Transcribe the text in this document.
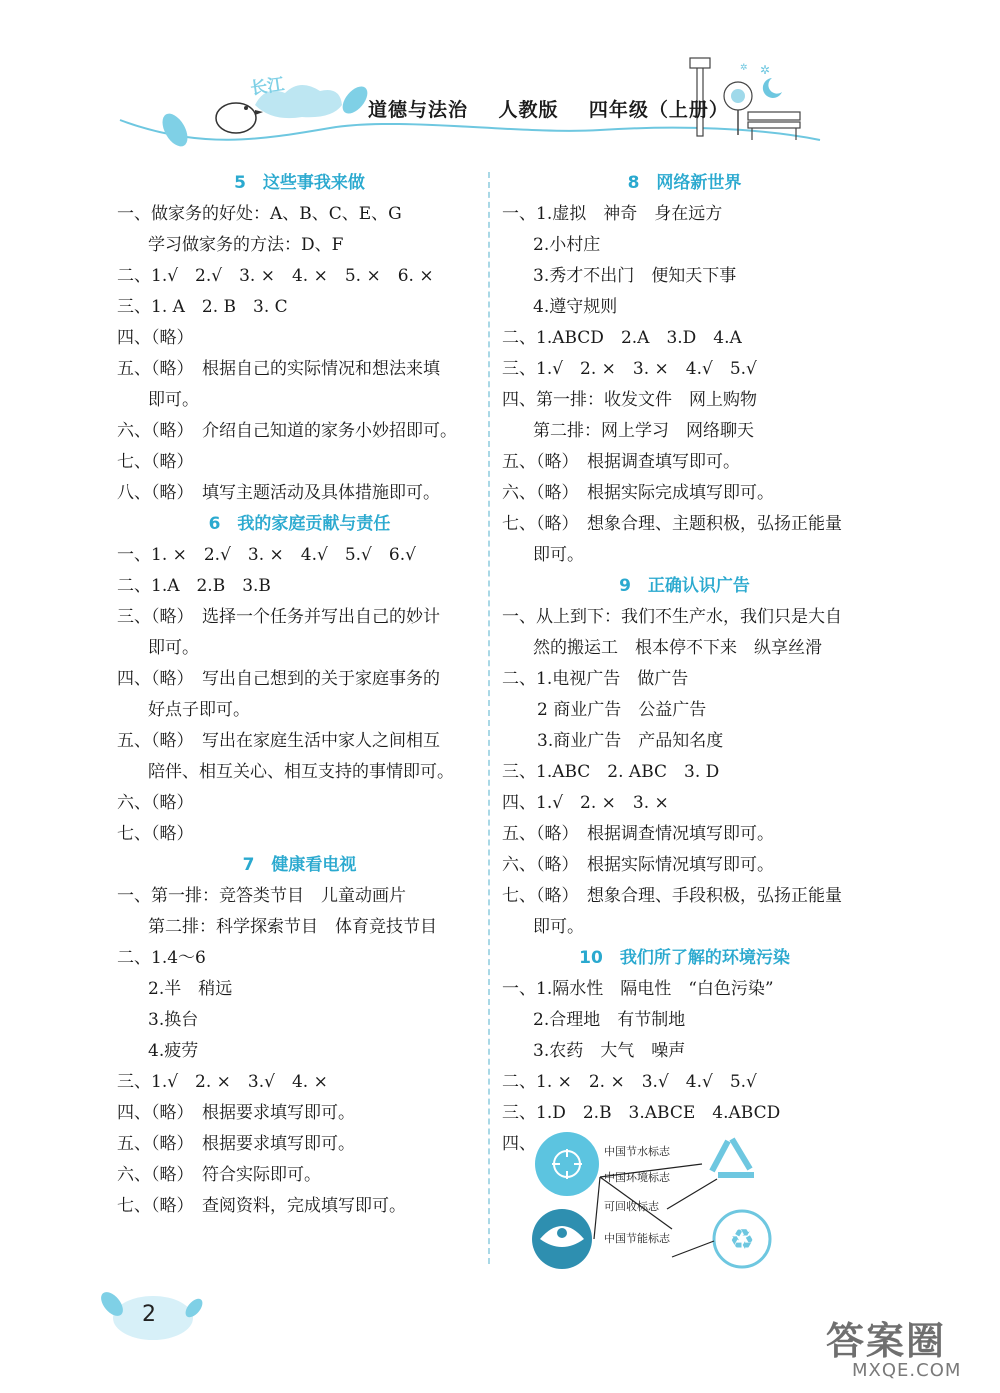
✲
✲
长江
道德与法治    人教版    四年级（上册）
5　这些事我来做
一、做家务的好处：A、B、C、E、G
学习做家务的方法：D、F
二、1.√　2.√　3. ×　4. ×　5. ×　6. ×
三、1. A　2. B　3. C
四、（略）
五、（略）　根据自己的实际情况和想法来填
即可。
六、（略）　介绍自己知道的家务小妙招即可。
七、（略）
八、（略）　填写主题活动及具体措施即可。
6　我的家庭贡献与责任
一、1. ×　2.√　3. ×　4.√　5.√　6.√
二、1.A　2.B　3.B
三、（略）　选择一个任务并写出自己的妙计
即可。
四、（略）　写出自己想到的关于家庭事务的
好点子即可。
五、（略）　写出在家庭生活中家人之间相互
陪伴、相互关心、相互支持的事情即可。
六、（略）
七、（略）
7　健康看电视
一、第一排：竞答类节目　儿童动画片
第二排：科学探索节目　体育竞技节目
二、1.4～6
2.半　稍远
3.换台
4.疲劳
三、1.√　2. ×　3.√　4. ×
四、（略）　根据要求填写即可。
五、（略）　根据要求填写即可。
六、（略）　符合实际即可。
七、（略）　查阅资料，完成填写即可。
8　网络新世界
一、1.虚拟　神奇　身在远方
2.小村庄
3.秀才不出门　便知天下事
4.遵守规则
二、1.ABCD　2.A　3.D　4.A
三、1.√　2. ×　3. ×　4.√　5.√
四、第一排：收发文件　网上购物
第二排：网上学习　网络聊天
五、（略）　根据调查填写即可。
六、（略）　根据实际完成填写即可。
七、（略）　想象合理、主题积极，弘扬正能量
即可。
9　正确认识广告
一、从上到下：我们不生产水，我们只是大自
然的搬运工　根本停不下来　纵享丝滑
二、1.电视广告　做广告
2 商业广告　公益广告
3.商业广告　产品知名度
三、1.ABC　2. ABC　3. D
四、1.√　2. ×　3. ×
五、（略）　根据调查情况填写即可。
六、（略）　根据实际情况填写即可。
七、（略）　想象合理、手段积极，弘扬正能量
即可。
10　我们所了解的环境污染
一、1.隔水性　隔电性　“白色污染”
2.合理地　有节制地
3.农药　大气　噪声
二、1. ×　2. ×　3.√　4.√　5.√
三、1.D　2.B　3.ABCE　4.ABCD
四、
♻
中国节水标志
中国环境标志
可回收标志
中国节能标志
2
答案圈
MXQE.COM
